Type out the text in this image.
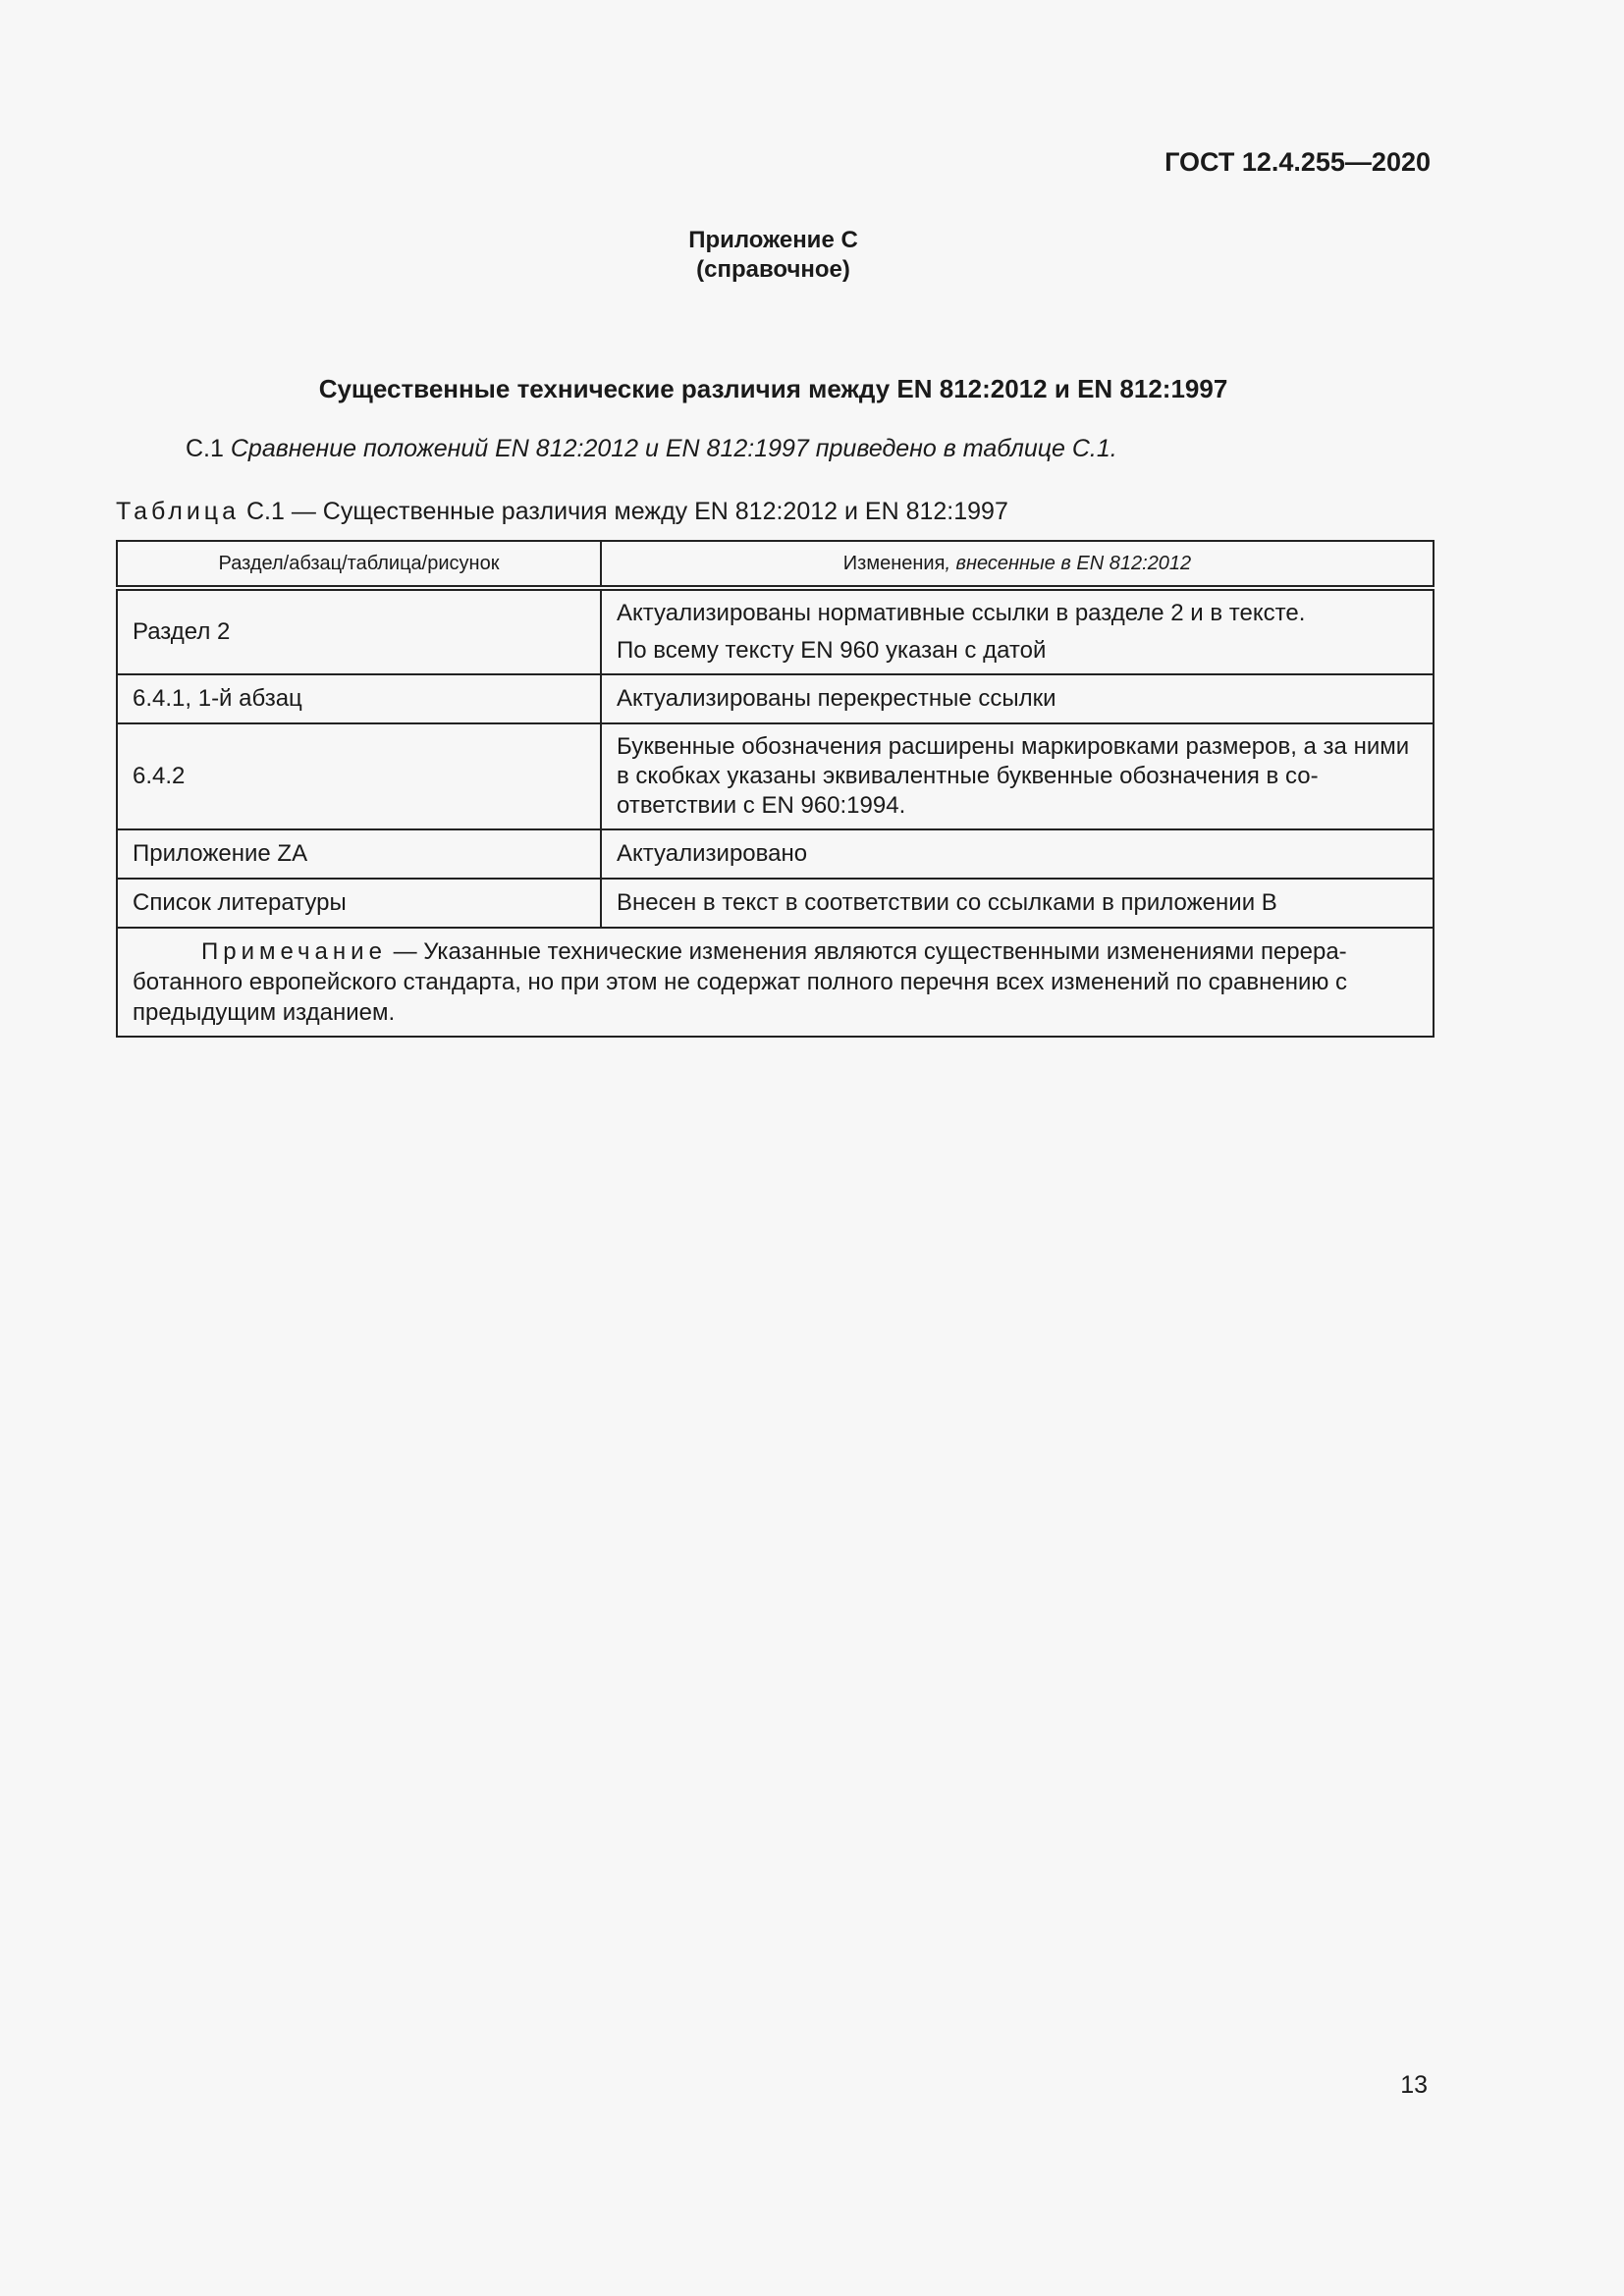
ГОСТ 12.4.255—2020
Приложение С
(справочное)
Существенные технические различия между EN 812:2012 и EN 812:1997
С.1 Сравнение положений EN 812:2012 и EN 812:1997 приведено в таблице С.1.
Таблица С.1 — Существенные различия между EN 812:2012 и EN 812:1997
Раздел/абзац/таблица/рисунок	Изменения, внесенные в EN 812:2012
Раздел 2	Актуализированы нормативные ссылки в разделе 2 и в тексте.
По всему тексту EN 960 указан с датой

6.4.1, 1-й абзац	Актуализированы перекрестные ссылки
6.4.2	Буквенные обозначения расширены маркировками размеров, а за ними в скобках указаны эквивалентные буквенные обозначения в со-ответствии с EN 960:1994.
Приложение ZA	Актуализировано
Список литературы	Внесен в текст в соответствии со ссылками в приложении В
Примечание — Указанные технические изменения являются существенными изменениями перера-ботанного европейского стандарта, но при этом не содержат полного перечня всех изменений по сравнению с предыдущим изданием.	
13
